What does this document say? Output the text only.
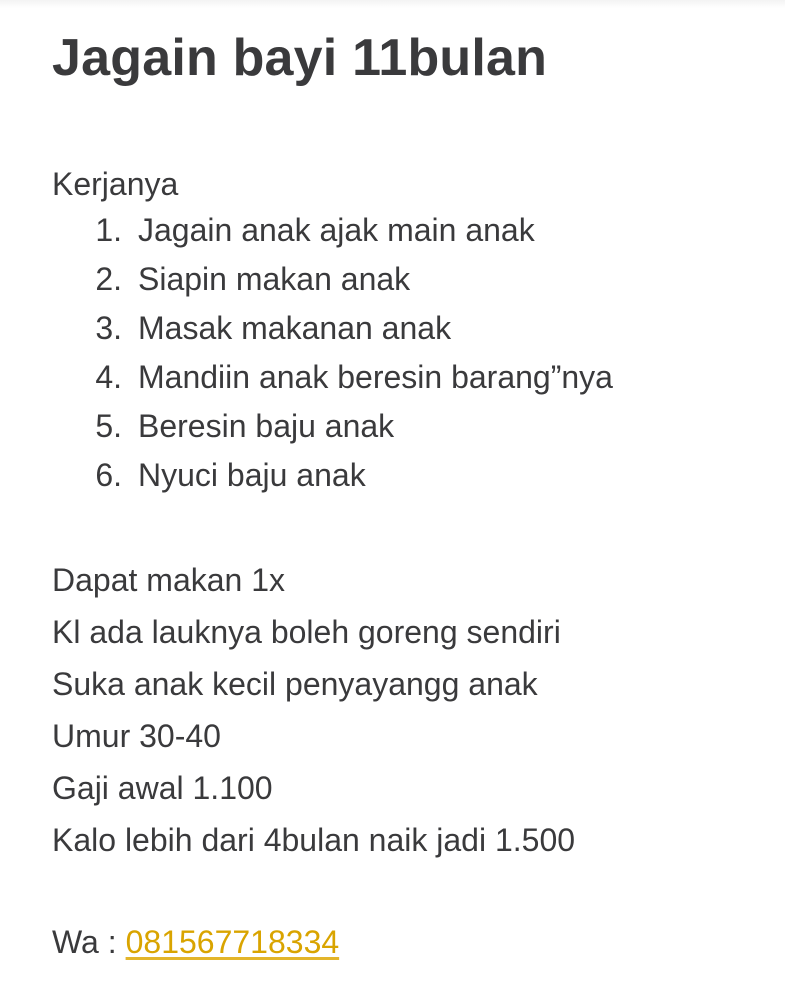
Jagain bayi 11bulan
Kerjanya
1. Jagain anak ajak main anak
2. Siapin makan anak
3. Masak makanan anak
4. Mandiin anak beresin barang”nya
5. Beresin baju anak
6. Nyuci baju anak
Dapat makan 1x
Kl ada lauknya boleh goreng sendiri
Suka anak kecil penyayangg anak
Umur 30-40
Gaji awal 1.100
Kalo lebih dari 4bulan naik jadi 1.500
Wa : 081567718334
